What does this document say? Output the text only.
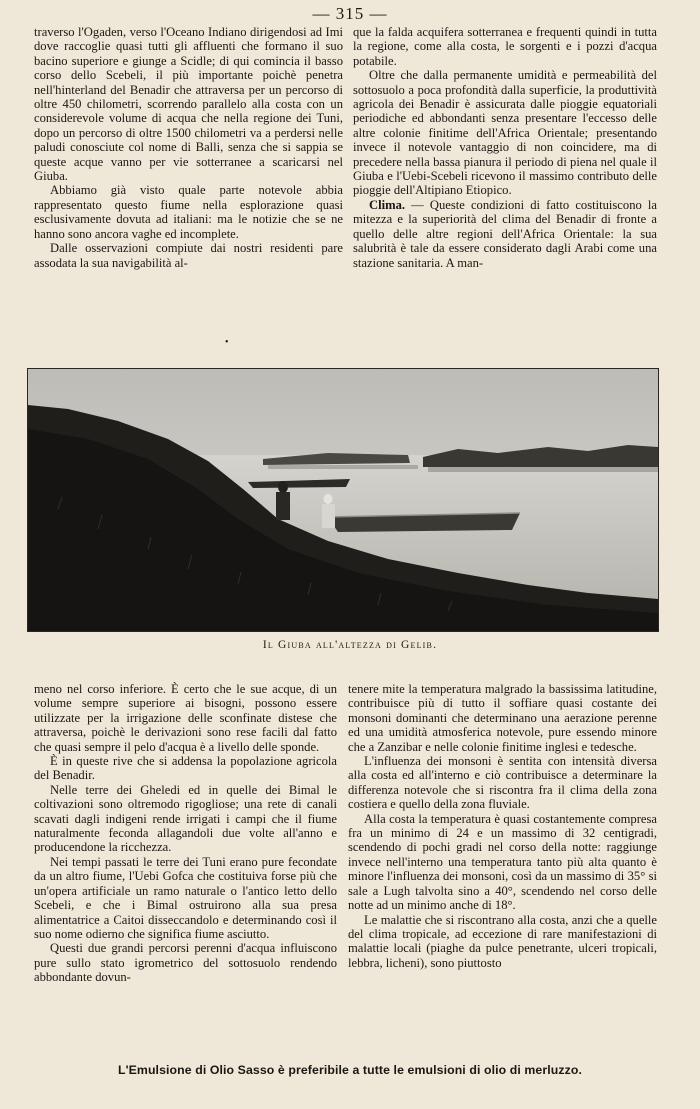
— 315 —

traverso l'Ogaden, verso l'Oceano Indiano dirigendosi ad Imi dove raccoglie quasi tutti gli affluenti che formano il suo bacino superiore e giunge a Scidle; di qui comincia il basso corso dello Scebeli, il più importante poichè penetra nell'hinterland del Benadir che attraversa per un percorso di oltre 450 chilometri, scorrendo parallelo alla costa con un considerevole volume di acqua che nella regione dei Tuni, dopo un percorso di oltre 1500 chilometri va a perdersi nelle paludi conosciute col nome di Balli, senza che si sappia se queste acque vanno per vie sotterranee a scaricarsi nel Giuba.

Abbiamo già visto quale parte notevole abbia rappresentato questo fiume nella esplorazione quasi esclusivamente dovuta ad italiani: ma le notizie che se ne hanno sono ancora vaghe ed incomplete.

Dalle osservazioni compiute dai nostri residenti pare assodata la sua navigabilità al-

que la falda acquifera sotterranea e frequenti quindi in tutta la regione, come alla costa, le sorgenti e i pozzi d'acqua potabile.

Oltre che dalla permanente umidità e permeabilità del sottosuolo a poca profondità dalla superficie, la produttività agricola dei Benadir è assicurata dalle pioggie equatoriali periodiche ed abbondanti senza presentare l'eccesso delle altre colonie finitime dell'Africa Orientale; presentando invece il notevole vantaggio di non coincidere, ma di precedere nella bassa pianura il periodo di piena nel quale il Giuba e l'Uebi-Scebeli ricevono il massimo contributo delle pioggie dell'Altipiano Etiopico.

Clima. — Queste condizioni di fatto costituiscono la mitezza e la superiorità del clima del Benadir di fronte a quello delle altre regioni dell'Africa Orientale: la sua salubrità è tale da essere considerato dagli Arabi come una stazione sanitaria. A man-

•
Il Giuba all'altezza di Gelib.

meno nel corso inferiore. È certo che le sue acque, di un volume sempre superiore ai bisogni, possono essere utilizzate per la irrigazione delle sconfinate distese che attraversa, poichè le derivazioni sono rese facili dal fatto che quasi sempre il pelo d'acqua è a livello delle sponde.

È in queste rive che si addensa la popolazione agricola del Benadir.

Nelle terre dei Gheledi ed in quelle dei Bimal le coltivazioni sono oltremodo rigogliose; una rete di canali scavati dagli indigeni rende irrigati i campi che il fiume naturalmente feconda allagandoli due volte all'anno e producendone la ricchezza.

Nei tempi passati le terre dei Tuni erano pure fecondate da un altro fiume, l'Uebi Gofca che costituiva forse più che un'opera artificiale un ramo naturale o l'antico letto dello Scebeli, e che i Bimal ostruirono alla sua presa alimentatrice a Caitoi disseccandolo e determinando così il suo nome odierno che significa fiume asciutto.

Questi due grandi percorsi perenni d'acqua influiscono pure sullo stato igrometrico del sottosuolo rendendo abbondante dovun-

tenere mite la temperatura malgrado la bassissima latitudine, contribuisce più di tutto il soffiare quasi costante dei monsoni dominanti che determinano una aerazione perenne ed una umidità atmosferica notevole, pure essendo minore che a Zanzibar e nelle colonie finitime inglesi e tedesche.

L'influenza dei monsoni è sentita con intensità diversa alla costa ed all'interno e ciò contribuisce a determinare la differenza notevole che si riscontra fra il clima della zona costiera e quello della zona fluviale.

Alla costa la temperatura è quasi costantemente compresa fra un minimo di 24 e un massimo di 32 centigradi, scendendo di pochi gradi nel corso della notte: raggiunge invece nell'interno una temperatura tanto più alta quanto è minore l'influenza dei monsoni, così da un massimo di 35° si sale a Lugh talvolta sino a 40°, scendendo nel corso delle notte ad un minimo anche di 18°.

Le malattie che si riscontrano alla costa, anzi che a quelle del clima tropicale, ad eccezione di rare manifestazioni di malattie locali (piaghe da pulce penetrante, ulceri tropicali, lebbra, licheni), sono piuttosto

L'Emulsione di Olio Sasso è preferibile a tutte le emulsioni di olio di merluzzo.
